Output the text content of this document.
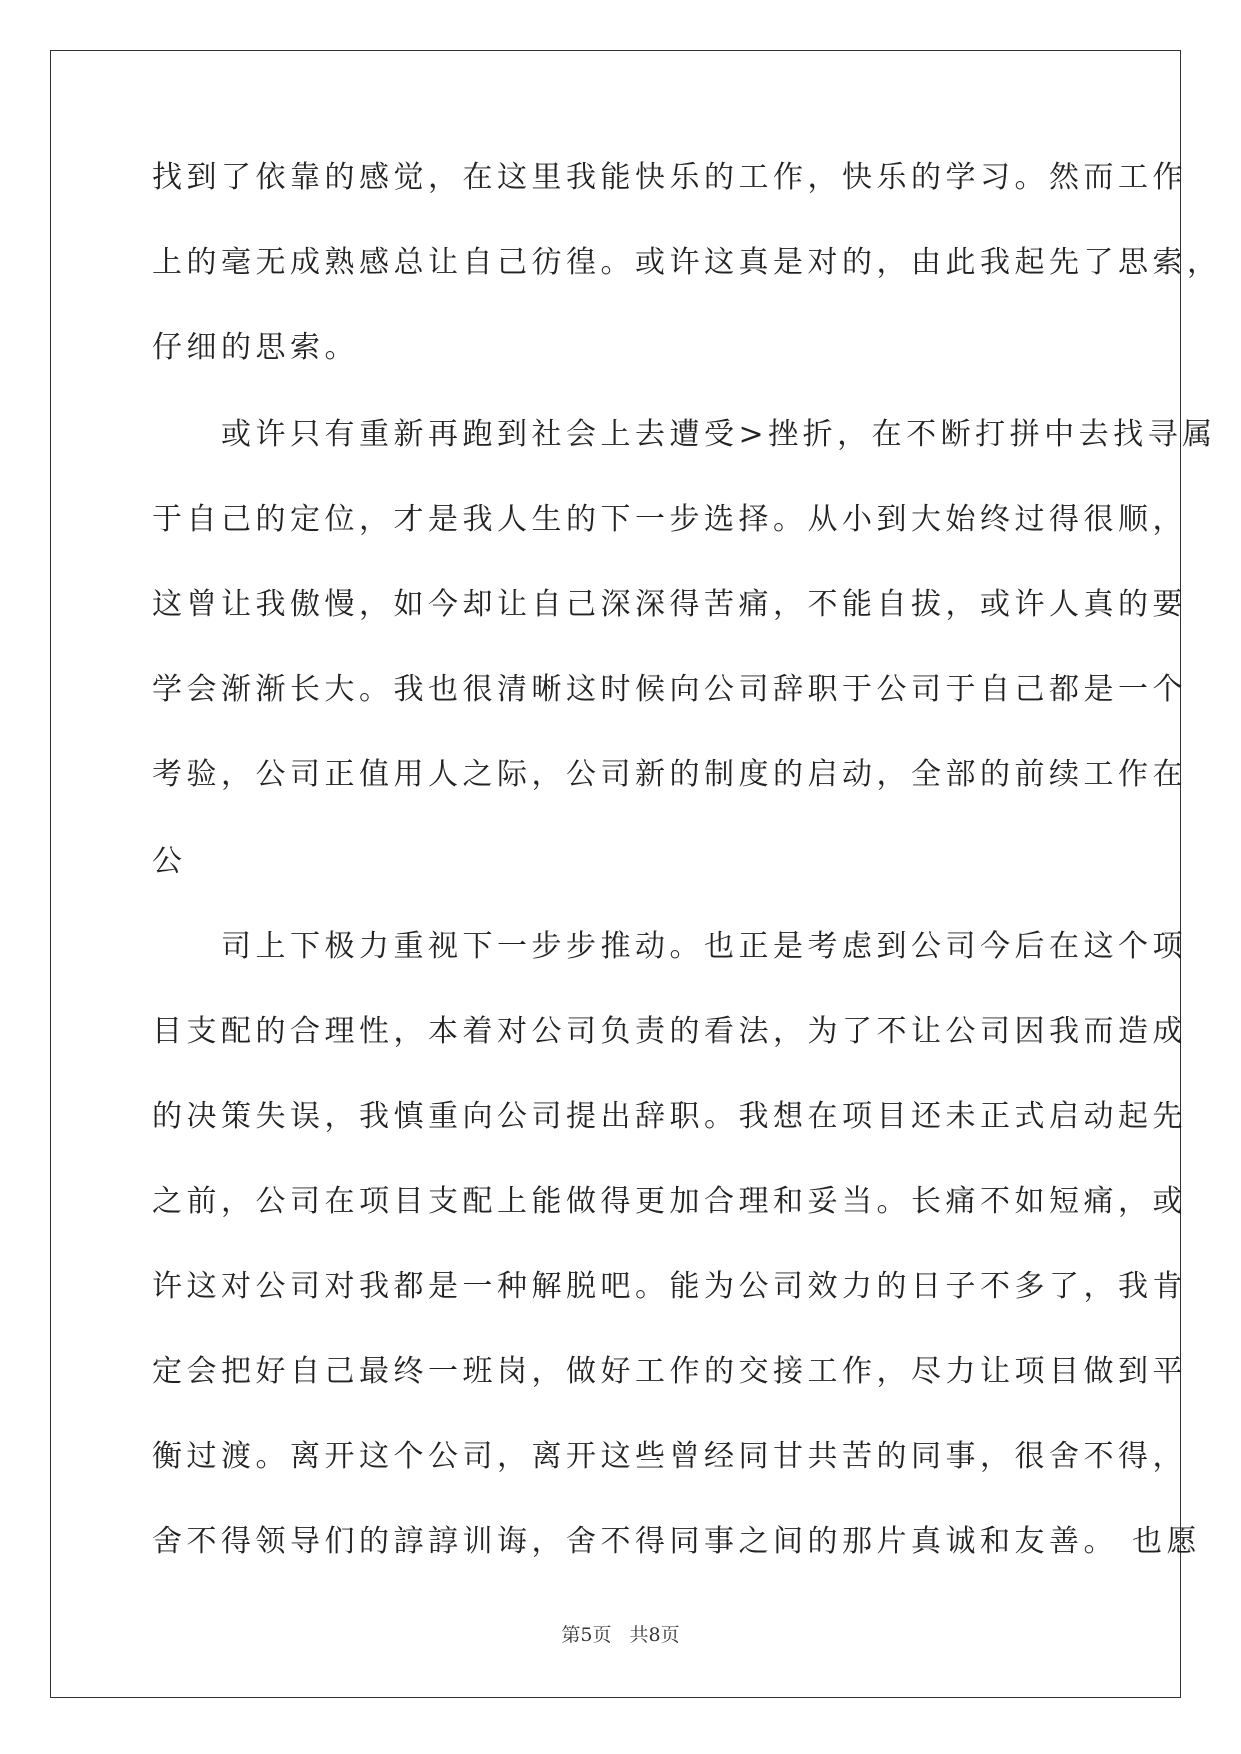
找到了依靠的感觉，在这里我能快乐的工作，快乐的学习。然而工作
上的毫无成熟感总让自己彷徨。或许这真是对的，由此我起先了思索，
仔细的思索。
　　或许只有重新再跑到社会上去遭受>挫折，在不断打拼中去找寻属
于自己的定位，才是我人生的下一步选择。从小到大始终过得很顺，
这曾让我傲慢，如今却让自己深深得苦痛，不能自拔，或许人真的要
学会渐渐长大。我也很清晰这时候向公司辞职于公司于自己都是一个
考验，公司正值用人之际，公司新的制度的启动，全部的前续工作在
公
　　司上下极力重视下一步步推动。也正是考虑到公司今后在这个项
目支配的合理性，本着对公司负责的看法，为了不让公司因我而造成
的决策失误，我慎重向公司提出辞职。我想在项目还未正式启动起先
之前，公司在项目支配上能做得更加合理和妥当。长痛不如短痛，或
许这对公司对我都是一种解脱吧。能为公司效力的日子不多了，我肯
定会把好自己最终一班岗，做好工作的交接工作，尽力让项目做到平
衡过渡。离开这个公司，离开这些曾经同甘共苦的同事，很舍不得，
舍不得领导们的諄諄训诲，舍不得同事之间的那片真诚和友善。 也愿
第5页 共8页
